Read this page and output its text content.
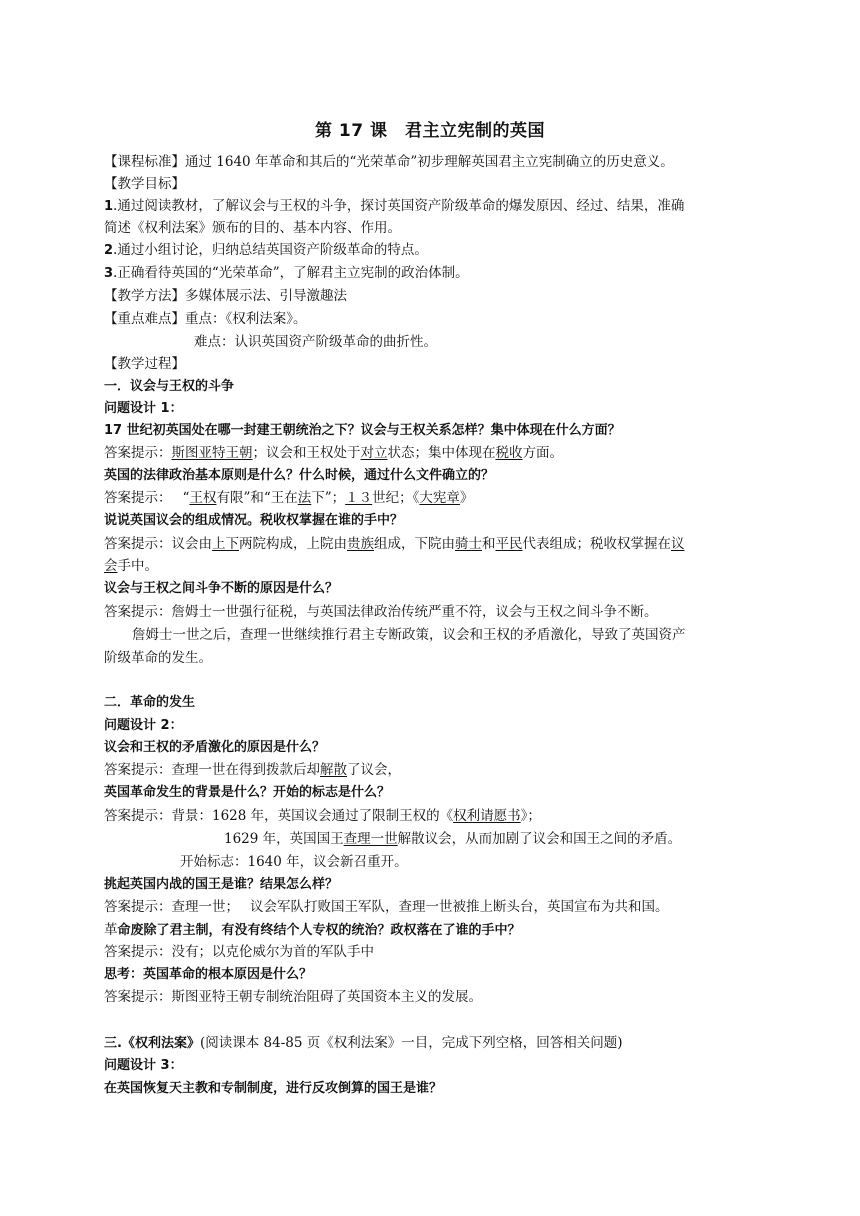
第 17 课　君主立宪制的英国
【课程标准】通过 1640 年革命和其后的“光荣革命”初步理解英国君主立宪制确立的历史意义。
【教学目标】
1.通过阅读教材，了解议会与王权的斗争，探讨英国资产阶级革命的爆发原因、经过、结果，准确
简述《权利法案》颁布的目的、基本内容、作用。
2.通过小组讨论，归纳总结英国资产阶级革命的特点。
3.正确看待英国的“光荣革命”，了解君主立宪制的政治体制。
【教学方法】多媒体展示法、引导激趣法
【重点难点】重点：《权利法案》。
难点：认识英国资产阶级革命的曲折性。
【教学过程】
一．议会与王权的斗争
问题设计 1：
17 世纪初英国处在哪一封建王朝统治之下？议会与王权关系怎样？集中体现在什么方面？
答案提示：斯图亚特王朝；议会和王权处于对立状态；集中体现在税收方面。
英国的法律政治基本原则是什么？什么时候，通过什么文件确立的？
答案提示：　 “王权有限”和“王在法下”；１３世纪；《大宪章》
说说英国议会的组成情况。税收权掌握在谁的手中？
答案提示：议会由上下两院构成，上院由贵族组成，下院由骑士和平民代表组成；税收权掌握在议
会手中。
议会与王权之间斗争不断的原因是什么？
答案提示：詹姆士一世强行征税，与英国法律政治传统严重不符，议会与王权之间斗争不断。
詹姆士一世之后，查理一世继续推行君主专断政策，议会和王权的矛盾激化，导致了英国资产
阶级革命的发生。
二．革命的发生
问题设计 2：
议会和王权的矛盾激化的原因是什么？
答案提示：查理一世在得到拨款后却解散了议会，
英国革命发生的背景是什么？开始的标志是什么？
答案提示：背景：1628 年，英国议会通过了限制王权的《权利请愿书》；
1629 年，英国国王查理一世解散议会，从而加剧了议会和国王之间的矛盾。
开始标志：1640 年，议会新召重开。
挑起英国内战的国王是谁？结果怎么样？
答案提示：查理一世；　 议会军队打败国王军队，查理一世被推上断头台，英国宣布为共和国。
革命废除了君主制，有没有终结个人专权的统治？政权落在了谁的手中？
答案提示：没有；以克伦威尔为首的军队手中
思考：英国革命的根本原因是什么？
答案提示：斯图亚特王朝专制统治阻碍了英国资本主义的发展。
三.《权利法案》(阅读课本 84-85 页《权利法案》一目，完成下列空格，回答相关问题)
问题设计 3：
在英国恢复天主教和专制制度，进行反攻倒算的国王是谁？
